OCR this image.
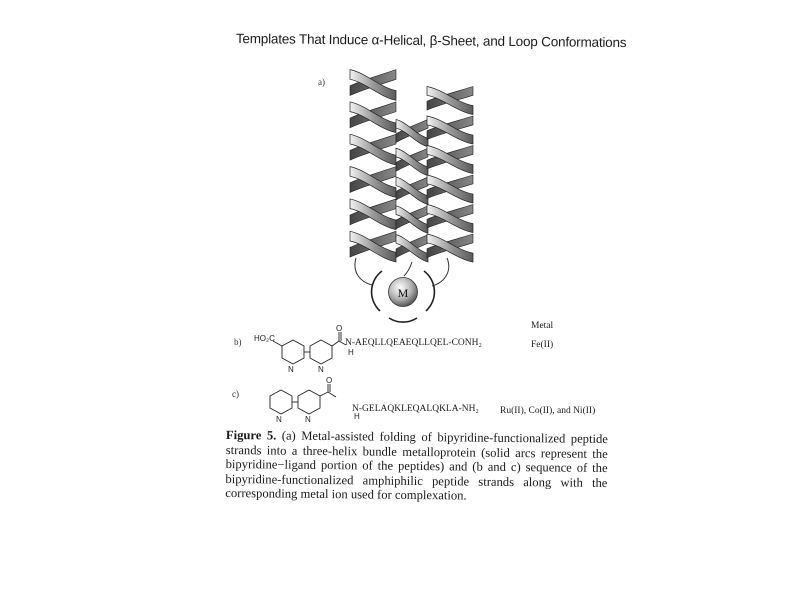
Templates That Induce α-Helical, β-Sheet, and Loop Conformations
a)
b)
c)
M
HO₂C
O
N	N
H
N-AEQLLQEAEQLLQEL-CONH₂
Metal
Fe(II)
O
N	N	H
N-GELAQKLEQALQKLA-NH₂ Ru(II), Co(II), and Ni(II)
Figure 5. (a) Metal-assisted folding of bipyridine-functionalized peptide strands into a three-helix bundle metalloprotein (solid arcs represent the bipyridine−ligand portion of the peptides) and (b and c) sequence of the bipyridine-functionalized amphiphilic peptide strands along with the corresponding metal ion used for complexation.
